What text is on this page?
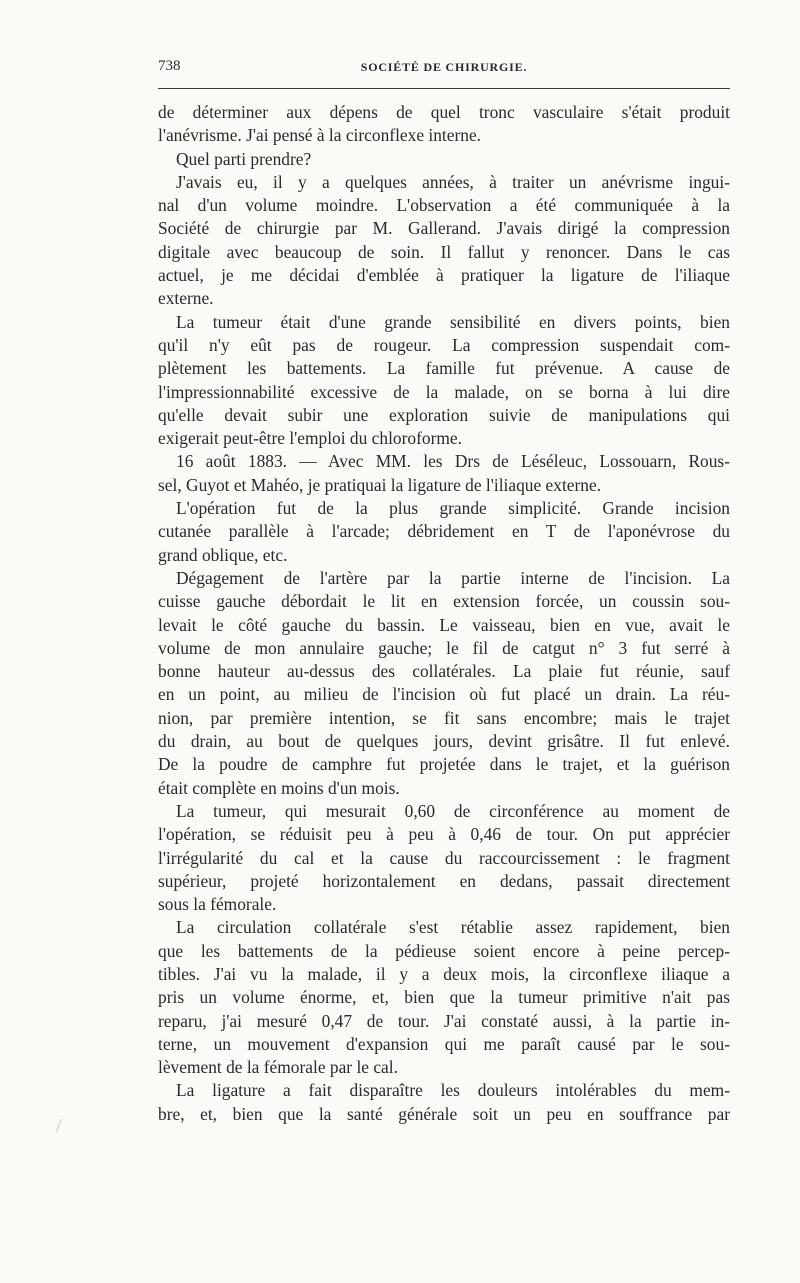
738	SOCIÉTÉ DE CHIRURGIE.
de déterminer aux dépens de quel tronc vasculaire s'était produit
l'anévrisme. J'ai pensé à la circonflexe interne.
Quel parti prendre?
J'avais eu, il y a quelques années, à traiter un anévrisme ingui-
nal d'un volume moindre. L'observation a été communiquée à la
Société de chirurgie par M. Gallerand. J'avais dirigé la compression
digitale avec beaucoup de soin. Il fallut y renoncer. Dans le cas
actuel, je me décidai d'emblée à pratiquer la ligature de l'iliaque
externe.
La tumeur était d'une grande sensibilité en divers points, bien
qu'il n'y eût pas de rougeur. La compression suspendait com-
plètement les battements. La famille fut prévenue. A cause de
l'impressionnabilité excessive de la malade, on se borna à lui dire
qu'elle devait subir une exploration suivie de manipulations qui
exigerait peut-être l'emploi du chloroforme.
16 août 1883. — Avec MM. les Drs de Léséleuc, Lossouarn, Rous-
sel, Guyot et Mahéo, je pratiquai la ligature de l'iliaque externe.
L'opération fut de la plus grande simplicité. Grande incision
cutanée parallèle à l'arcade; débridement en T de l'aponévrose du
grand oblique, etc.
Dégagement de l'artère par la partie interne de l'incision. La
cuisse gauche débordait le lit en extension forcée, un coussin sou-
levait le côté gauche du bassin. Le vaisseau, bien en vue, avait le
volume de mon annulaire gauche; le fil de catgut n° 3 fut serré à
bonne hauteur au-dessus des collatérales. La plaie fut réunie, sauf
en un point, au milieu de l'incision où fut placé un drain. La réu-
nion, par première intention, se fit sans encombre; mais le trajet
du drain, au bout de quelques jours, devint grisâtre. Il fut enlevé.
De la poudre de camphre fut projetée dans le trajet, et la guérison
était complète en moins d'un mois.
La tumeur, qui mesurait 0,60 de circonférence au moment de
l'opération, se réduisit peu à peu à 0,46 de tour. On put apprécier
l'irrégularité du cal et la cause du raccourcissement : le fragment
supérieur, projeté horizontalement en dedans, passait directement
sous la fémorale.
La circulation collatérale s'est rétablie assez rapidement, bien
que les battements de la pédieuse soient encore à peine percep-
tibles. J'ai vu la malade, il y a deux mois, la circonflexe iliaque a
pris un volume énorme, et, bien que la tumeur primitive n'ait pas
reparu, j'ai mesuré 0,47 de tour. J'ai constaté aussi, à la partie in-
terne, un mouvement d'expansion qui me paraît causé par le sou-
lèvement de la fémorale par le cal.
La ligature a fait disparaître les douleurs intolérables du mem-
bre, et, bien que la santé générale soit un peu en souffrance par
